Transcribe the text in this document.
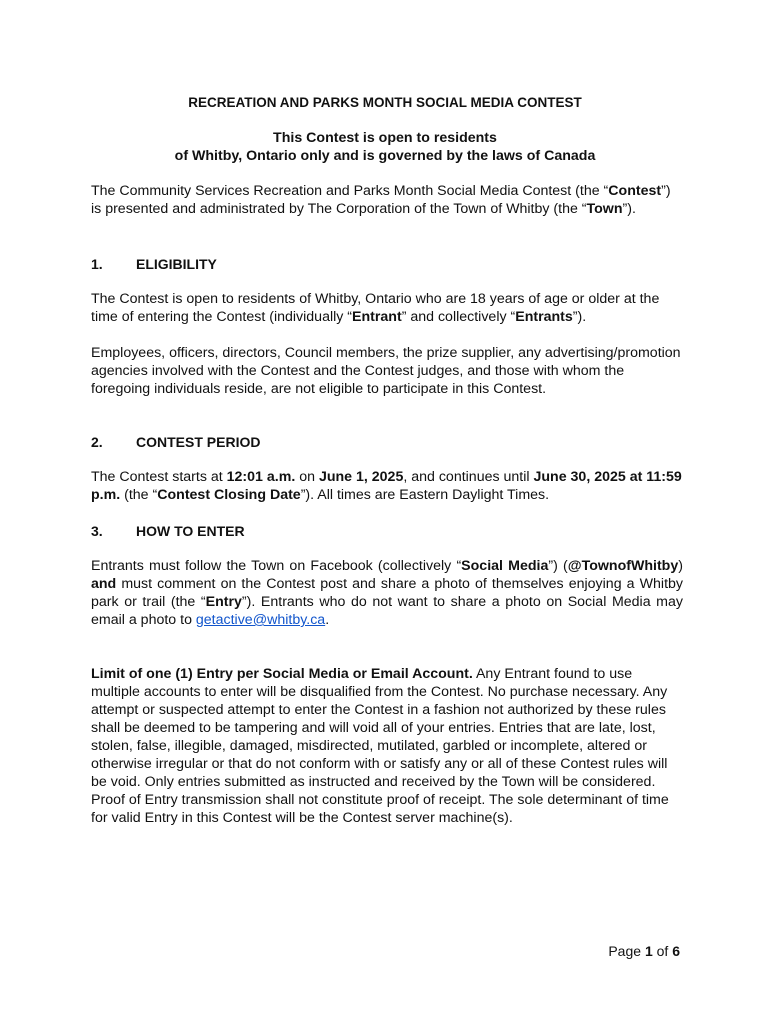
RECREATION AND PARKS MONTH SOCIAL MEDIA CONTEST
This Contest is open to residents
of Whitby, Ontario only and is governed by the laws of Canada
The Community Services Recreation and Parks Month Social Media Contest (the “Contest”) is presented and administrated by The Corporation of the Town of Whitby (the “Town”).
1. ELIGIBILITY
The Contest is open to residents of Whitby, Ontario who are 18 years of age or older at the time of entering the Contest (individually “Entrant” and collectively “Entrants”).
Employees, officers, directors, Council members, the prize supplier, any advertising/promotion agencies involved with the Contest and the Contest judges, and those with whom the foregoing individuals reside, are not eligible to participate in this Contest.
2. CONTEST PERIOD
The Contest starts at 12:01 a.m. on June 1, 2025, and continues until June 30, 2025 at 11:59 p.m. (the “Contest Closing Date”). All times are Eastern Daylight Times.
3. HOW TO ENTER
Entrants must follow the Town on Facebook (collectively “Social Media”) (@TownofWhitby) and must comment on the Contest post and share a photo of themselves enjoying a Whitby park or trail (the “Entry”). Entrants who do not want to share a photo on Social Media may email a photo to getactive@whitby.ca.
Limit of one (1) Entry per Social Media or Email Account. Any Entrant found to use multiple accounts to enter will be disqualified from the Contest. No purchase necessary. Any attempt or suspected attempt to enter the Contest in a fashion not authorized by these rules shall be deemed to be tampering and will void all of your entries. Entries that are late, lost, stolen, false, illegible, damaged, misdirected, mutilated, garbled or incomplete, altered or otherwise irregular or that do not conform with or satisfy any or all of these Contest rules will be void. Only entries submitted as instructed and received by the Town will be considered. Proof of Entry transmission shall not constitute proof of receipt. The sole determinant of time for valid Entry in this Contest will be the Contest server machine(s).
Page 1 of 6
